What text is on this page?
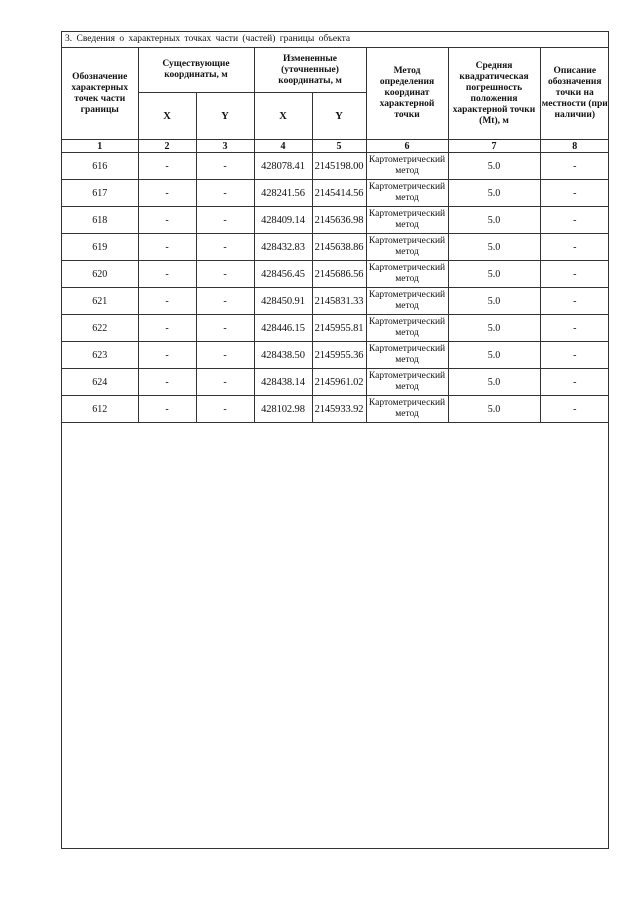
3. Сведения о характерных точках части (частей) границы объекта
Обозначение характерных точек части границы	Существующие координаты, м		Измененные (уточненные) координаты, м		Метод определения координат характерной точки	Средняя квадратическая погрешность положения характерной точки (Mt), м	Описание обозначения точки на местности (при наличии)
	X	Y	X	Y			
1	2	3	4	5	6	7	8
616	-	-	428078.41	2145198.00	Картометрический метод	5.0	-
617	-	-	428241.56	2145414.56	Картометрический метод	5.0	-
618	-	-	428409.14	2145636.98	Картометрический метод	5.0	-
619	-	-	428432.83	2145638.86	Картометрический метод	5.0	-
620	-	-	428456.45	2145686.56	Картометрический метод	5.0	-
621	-	-	428450.91	2145831.33	Картометрический метод	5.0	-
622	-	-	428446.15	2145955.81	Картометрический метод	5.0	-
623	-	-	428438.50	2145955.36	Картометрический метод	5.0	-
624	-	-	428438.14	2145961.02	Картометрический метод	5.0	-
612	-	-	428102.98	2145933.92	Картометрический метод	5.0	-
